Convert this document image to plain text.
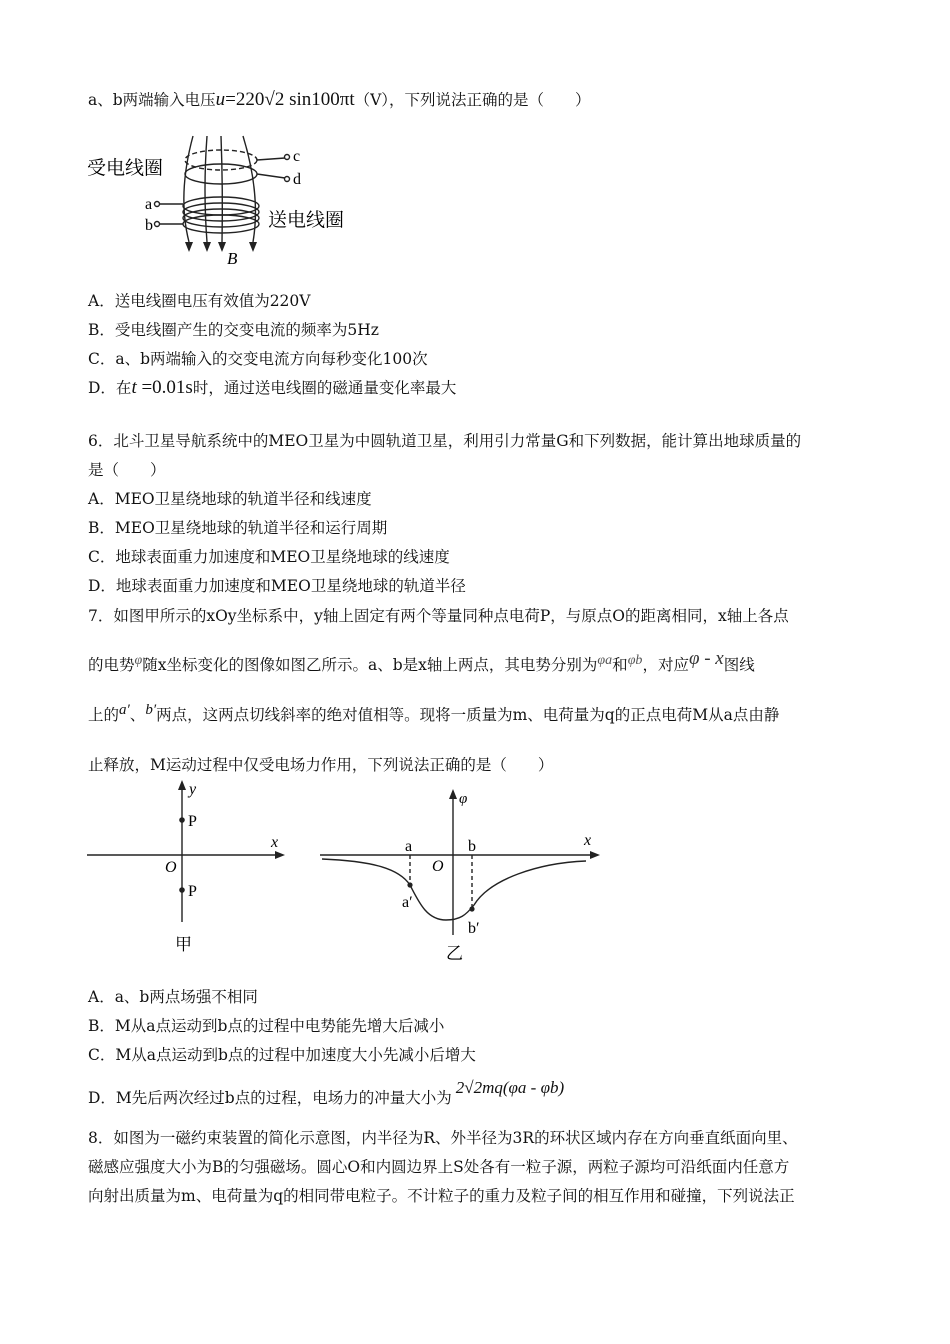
a、b两端输入电压u=220√2 sin100πt（V），下列说法正确的是（　　）
受电线圈
送电线圈
c
d
a
b
B
A．送电线圈电压有效值为220V
B．受电线圈产生的交变电流的频率为5Hz
C．a、b两端输入的交变电流方向每秒变化100次
D．在t =0.01s时，通过送电线圈的磁通量变化率最大
6．北斗卫星导航系统中的MEO卫星为中圆轨道卫星，利用引力常量G和下列数据，能计算出地球质量的
是（　　）
A．MEO卫星绕地球的轨道半径和线速度
B．MEO卫星绕地球的轨道半径和运行周期
C．地球表面重力加速度和MEO卫星绕地球的线速度
D．地球表面重力加速度和MEO卫星绕地球的轨道半径
7．如图甲所示的xOy坐标系中，y轴上固定有两个等量同种点电荷P，与原点O的距离相同，x轴上各点
的电势$^\varphi$随x坐标变化的图像如图乙所示。a、b是x轴上两点，其电势分别为$^{\varphi a}$和$^{\varphi b}$，对应$^{\varphi - x}$图线
上的$^{a'}$、$^{b'}$两点，这两点切线斜率的绝对值相等。现将一质量为m、电荷量为q的正点电荷M从a点由静
止释放，M运动过程中仅受电场力作用，下列说法正确的是（　　）
y
x
O
P
P
甲
φ
x
a	b
O
a′
b′
乙
A．a、b两点场强不相同
B．M从a点运动到b点的过程中电势能先增大后减小
C．M从a点运动到b点的过程中加速度大小先减小后增大
D．M先后两次经过b点的过程，电场力的冲量大小为2√2mq(φa - φb)
8．如图为一磁约束装置的简化示意图，内半径为R、外半径为3R的环状区域内存在方向垂直纸面向里、
磁感应强度大小为B的匀强磁场。圆心O和内圆边界上S处各有一粒子源，两粒子源均可沿纸面内任意方
向射出质量为m、电荷量为q的相同带电粒子。不计粒子的重力及粒子间的相互作用和碰撞，下列说法正
